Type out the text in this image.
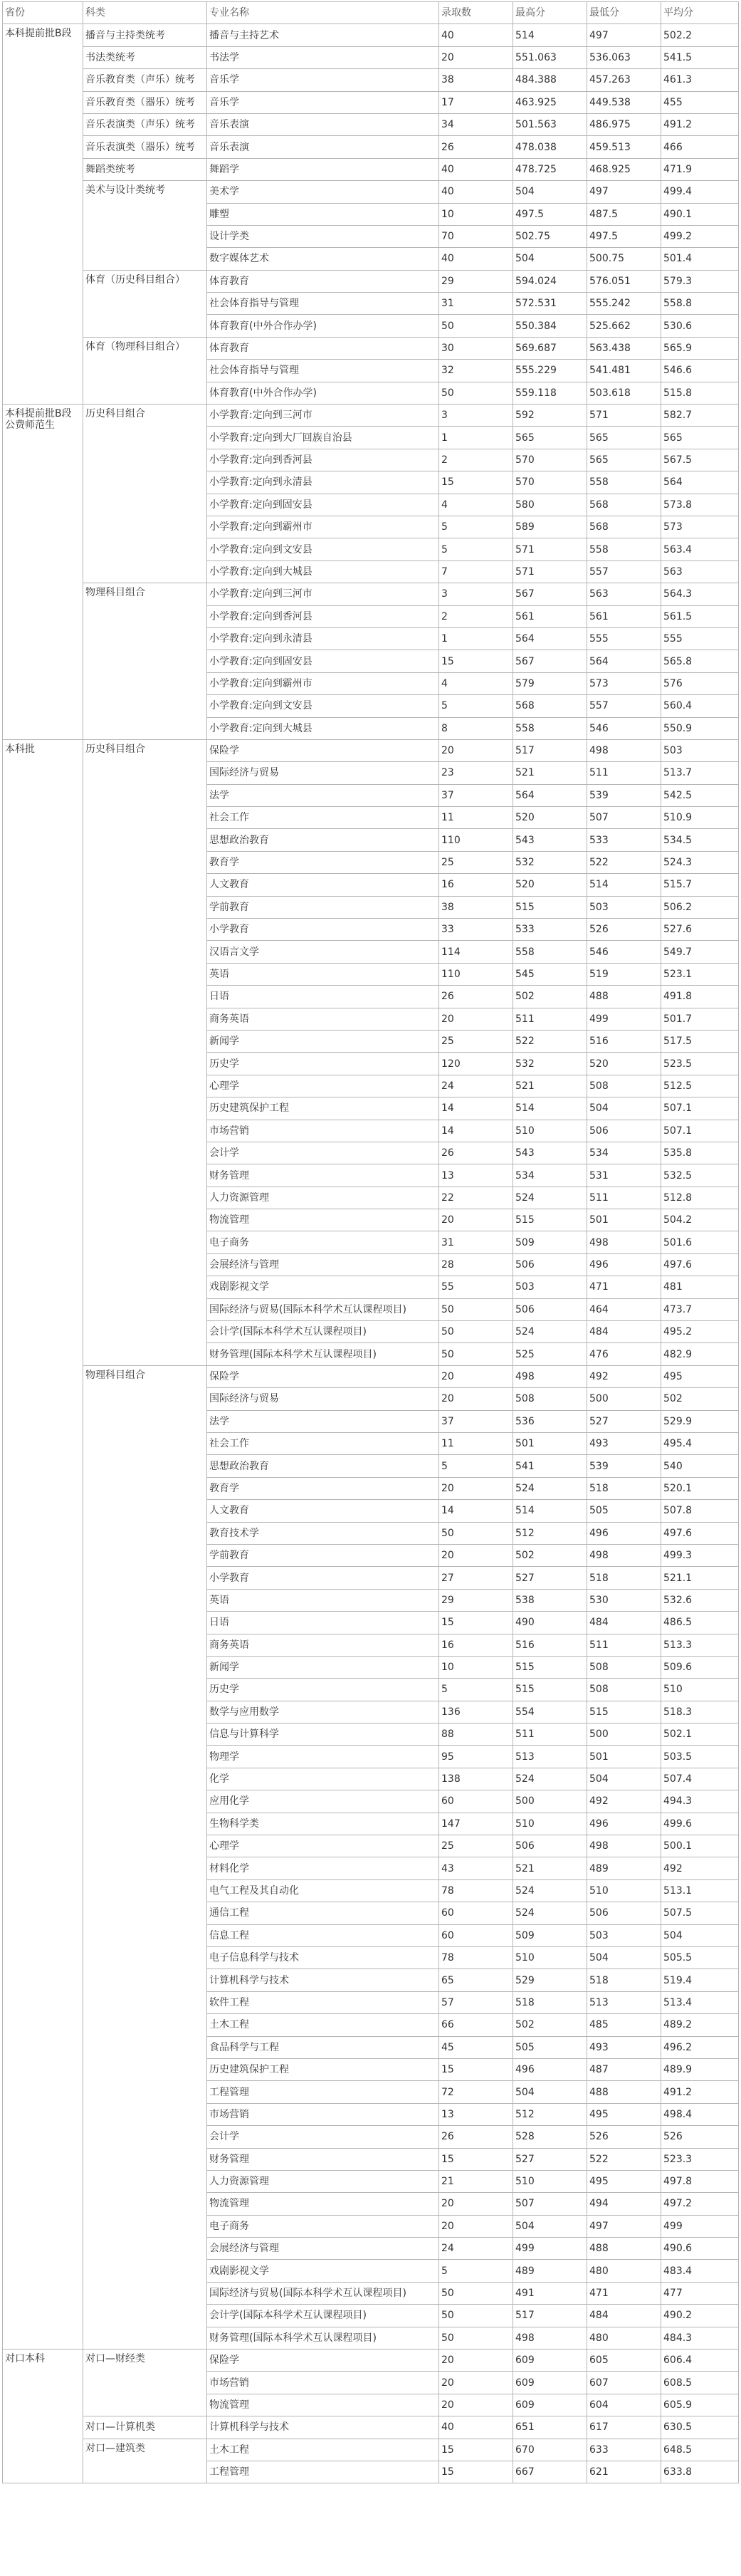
省份	科类	专业名称	录取数	最高分	最低分	平均分
本科提前批B段	播音与主持类统考	播音与主持艺术	40	514	497	502.2
	书法类统考	书法学	20	551.063	536.063	541.5
	音乐教育类（声乐）统考	音乐学	38	484.388	457.263	461.3
	音乐教育类（器乐）统考	音乐学	17	463.925	449.538	455
	音乐表演类（声乐）统考	音乐表演	34	501.563	486.975	491.2
	音乐表演类（器乐）统考	音乐表演	26	478.038	459.513	466
	舞蹈类统考	舞蹈学	40	478.725	468.925	471.9
	美术与设计类统考	美术学	40	504	497	499.4
		雕塑	10	497.5	487.5	490.1
		设计学类	70	502.75	497.5	499.2
		数字媒体艺术	40	504	500.75	501.4
	体育（历史科目组合）	体育教育	29	594.024	576.051	579.3
		社会体育指导与管理	31	572.531	555.242	558.8
		体育教育(中外合作办学)	50	550.384	525.662	530.6
	体育（物理科目组合）	体育教育	30	569.687	563.438	565.9
		社会体育指导与管理	32	555.229	541.481	546.6
		体育教育(中外合作办学)	50	559.118	503.618	515.8
本科提前批B段公费师范生	历史科目组合	小学教育:定向到三河市	3	592	571	582.7
		小学教育:定向到大厂回族自治县	1	565	565	565
		小学教育:定向到香河县	2	570	565	567.5
		小学教育:定向到永清县	15	570	558	564
		小学教育:定向到固安县	4	580	568	573.8
		小学教育:定向到霸州市	5	589	568	573
		小学教育:定向到文安县	5	571	558	563.4
		小学教育:定向到大城县	7	571	557	563
	物理科目组合	小学教育:定向到三河市	3	567	563	564.3
		小学教育:定向到香河县	2	561	561	561.5
		小学教育:定向到永清县	1	564	555	555
		小学教育:定向到固安县	15	567	564	565.8
		小学教育:定向到霸州市	4	579	573	576
		小学教育:定向到文安县	5	568	557	560.4
		小学教育:定向到大城县	8	558	546	550.9
本科批	历史科目组合	保险学	20	517	498	503
		国际经济与贸易	23	521	511	513.7
		法学	37	564	539	542.5
		社会工作	11	520	507	510.9
		思想政治教育	110	543	533	534.5
		教育学	25	532	522	524.3
		人文教育	16	520	514	515.7
		学前教育	38	515	503	506.2
		小学教育	33	533	526	527.6
		汉语言文学	114	558	546	549.7
		英语	110	545	519	523.1
		日语	26	502	488	491.8
		商务英语	20	511	499	501.7
		新闻学	25	522	516	517.5
		历史学	120	532	520	523.5
		心理学	24	521	508	512.5
		历史建筑保护工程	14	514	504	507.1
		市场营销	14	510	506	507.1
		会计学	26	543	534	535.8
		财务管理	13	534	531	532.5
		人力资源管理	22	524	511	512.8
		物流管理	20	515	501	504.2
		电子商务	31	509	498	501.6
		会展经济与管理	28	506	496	497.6
		戏剧影视文学	55	503	471	481
		国际经济与贸易(国际本科学术互认课程项目)	50	506	464	473.7
		会计学(国际本科学术互认课程项目)	50	524	484	495.2
		财务管理(国际本科学术互认课程项目)	50	525	476	482.9
	物理科目组合	保险学	20	498	492	495
		国际经济与贸易	20	508	500	502
		法学	37	536	527	529.9
		社会工作	11	501	493	495.4
		思想政治教育	5	541	539	540
		教育学	20	524	518	520.1
		人文教育	14	514	505	507.8
		教育技术学	50	512	496	497.6
		学前教育	20	502	498	499.3
		小学教育	27	527	518	521.1
		英语	29	538	530	532.6
		日语	15	490	484	486.5
		商务英语	16	516	511	513.3
		新闻学	10	515	508	509.6
		历史学	5	515	508	510
		数学与应用数学	136	554	515	518.3
		信息与计算科学	88	511	500	502.1
		物理学	95	513	501	503.5
		化学	138	524	504	507.4
		应用化学	60	500	492	494.3
		生物科学类	147	510	496	499.6
		心理学	25	506	498	500.1
		材料化学	43	521	489	492
		电气工程及其自动化	78	524	510	513.1
		通信工程	60	524	506	507.5
		信息工程	60	509	503	504
		电子信息科学与技术	78	510	504	505.5
		计算机科学与技术	65	529	518	519.4
		软件工程	57	518	513	513.4
		土木工程	66	502	485	489.2
		食品科学与工程	45	505	493	496.2
		历史建筑保护工程	15	496	487	489.9
		工程管理	72	504	488	491.2
		市场营销	13	512	495	498.4
		会计学	26	528	526	526
		财务管理	15	527	522	523.3
		人力资源管理	21	510	495	497.8
		物流管理	20	507	494	497.2
		电子商务	20	504	497	499
		会展经济与管理	24	499	488	490.6
		戏剧影视文学	5	489	480	483.4
		国际经济与贸易(国际本科学术互认课程项目)	50	491	471	477
		会计学(国际本科学术互认课程项目)	50	517	484	490.2
		财务管理(国际本科学术互认课程项目)	50	498	480	484.3
对口本科	对口—财经类	保险学	20	609	605	606.4
		市场营销	20	609	607	608.5
		物流管理	20	609	604	605.9
	对口—计算机类	计算机科学与技术	40	651	617	630.5
	对口—建筑类	土木工程	15	670	633	648.5
		工程管理	15	667	621	633.8
